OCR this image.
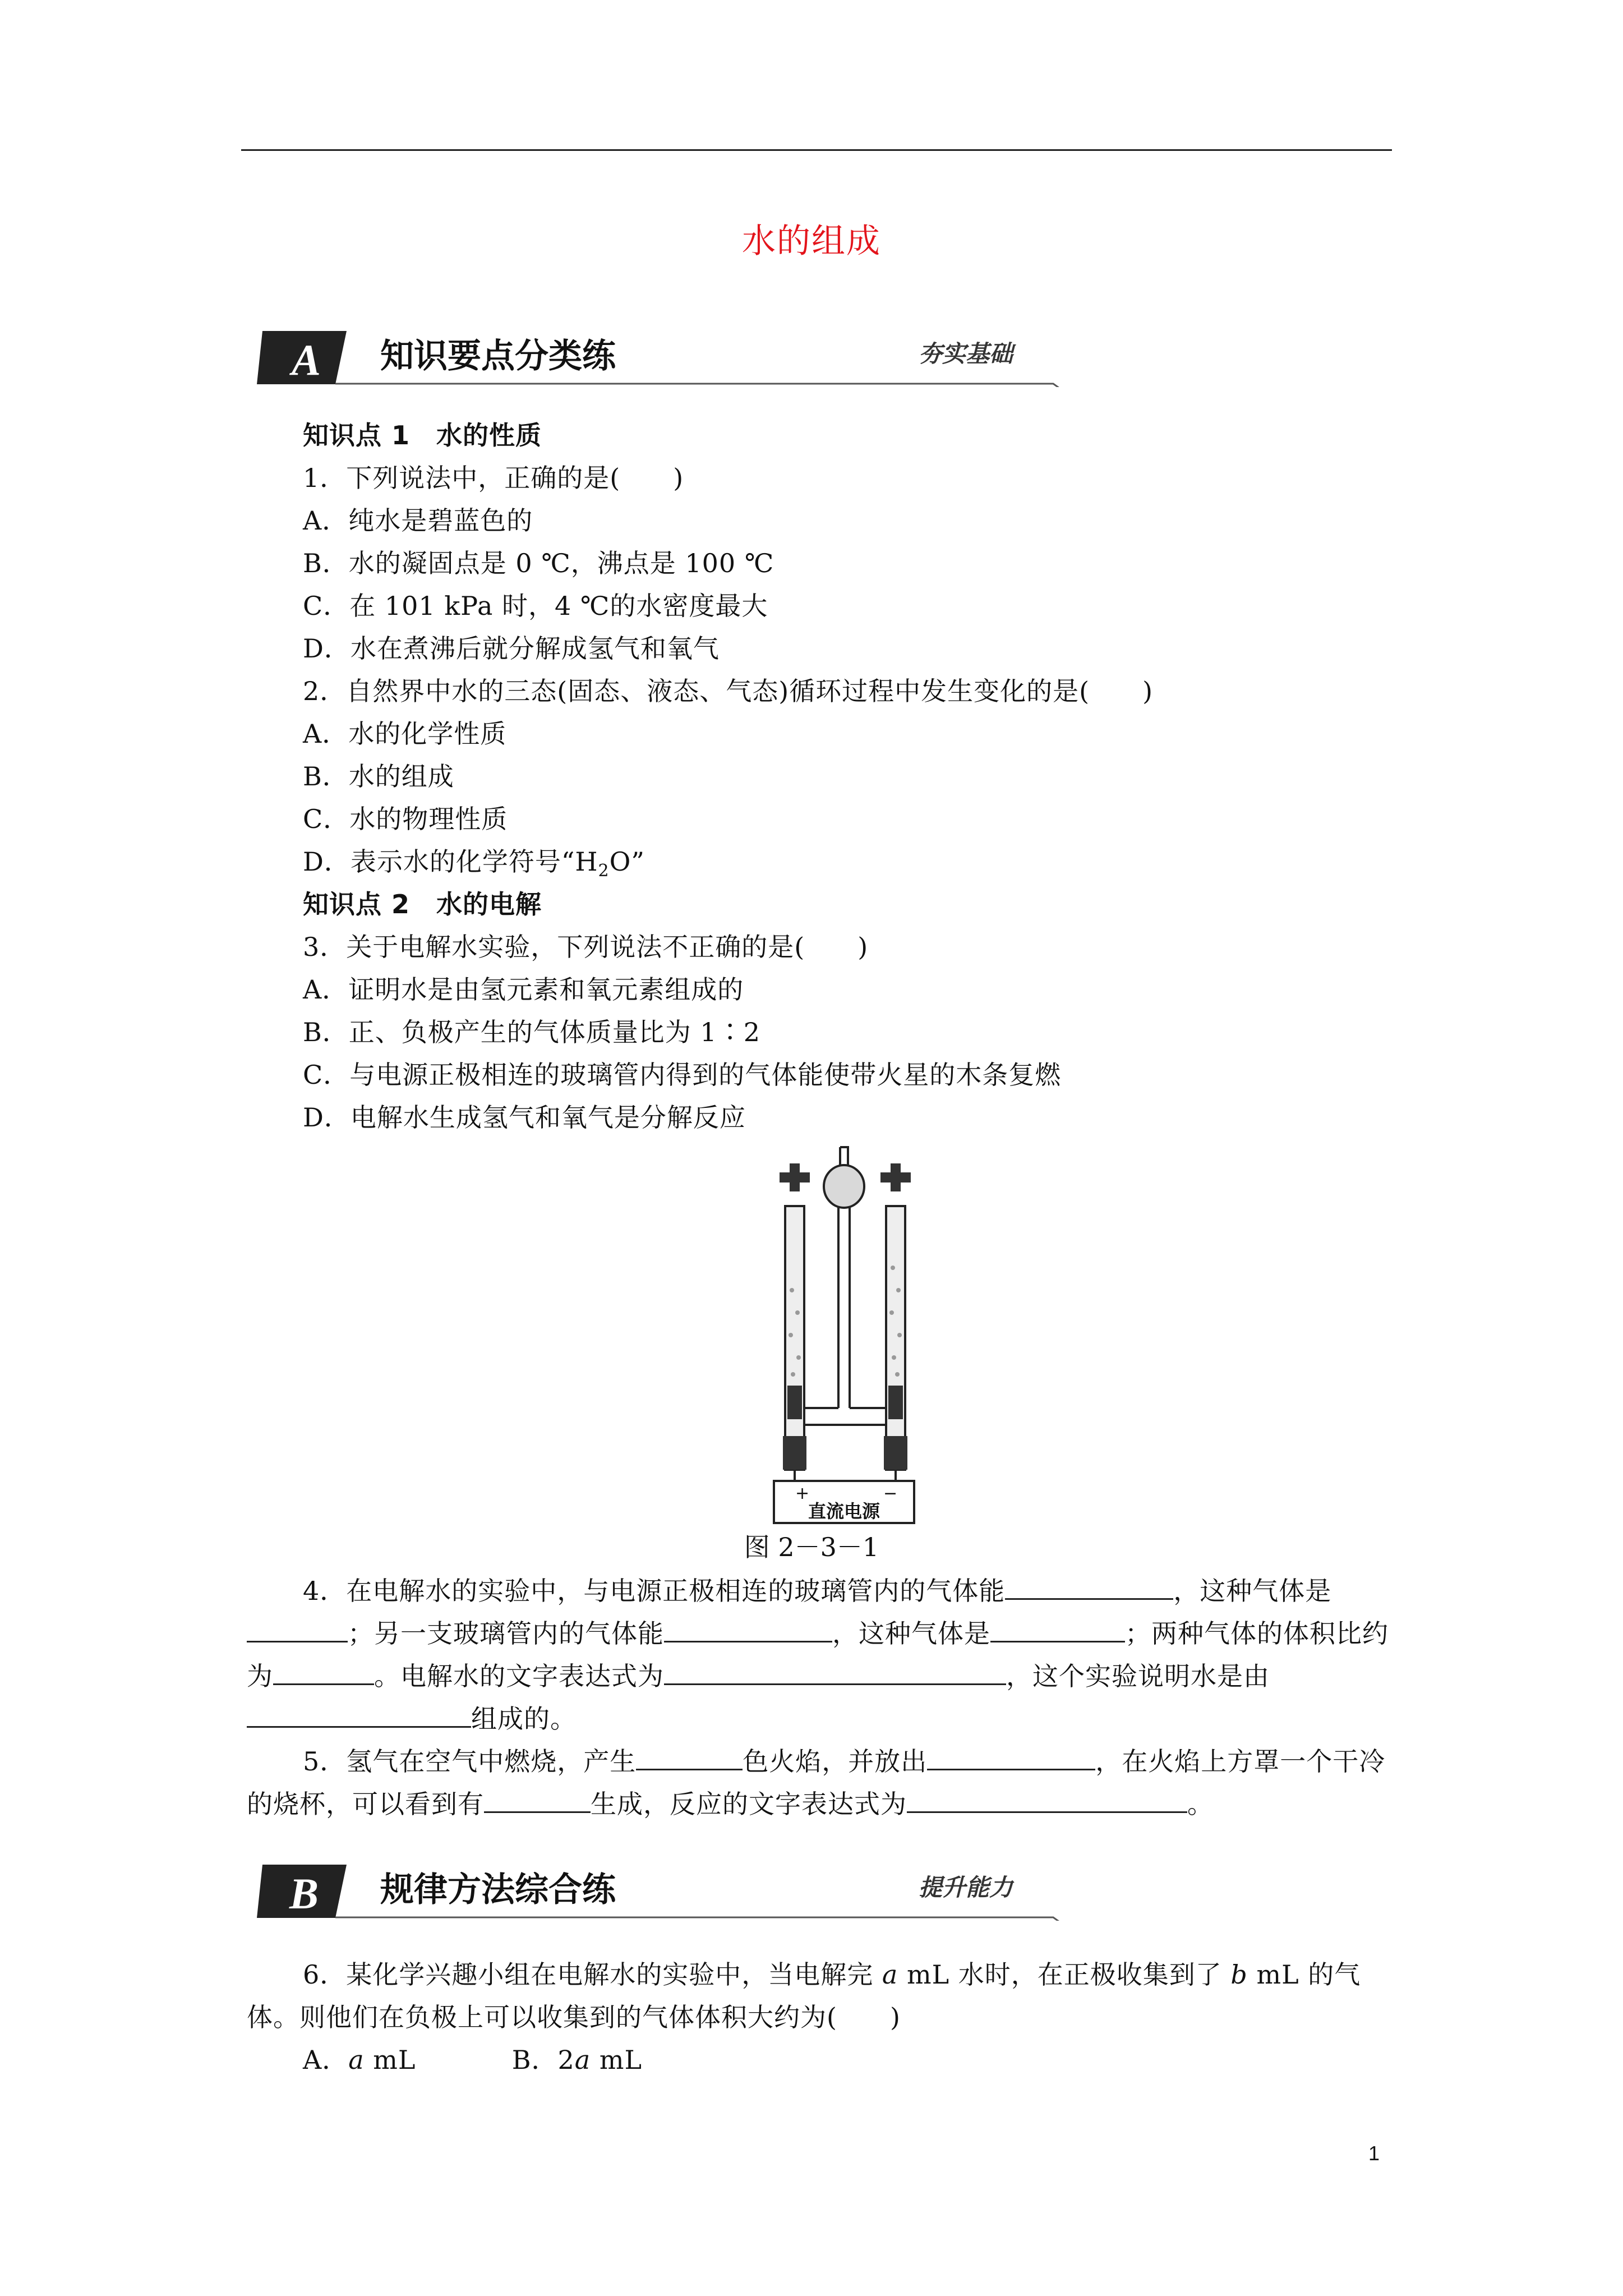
水的组成
A 知识要点分类练	夯实基础
知识点 1　水的性质
1．下列说法中，正确的是(　　)
A．纯水是碧蓝色的
B．水的凝固点是 0 ℃，沸点是 100 ℃
C．在 101 kPa 时，4 ℃的水密度最大
D．水在煮沸后就分解成氢气和氧气
2．自然界中水的三态(固态、液态、气态)循环过程中发生变化的是(　　)
A．水的化学性质
B．水的组成
C．水的物理性质
D．表示水的化学符号“$H_2O$”
知识点 2　水的电解
3．关于电解水实验，下列说法不正确的是(　　)
A．证明水是由氢元素和氧元素组成的
B．正、负极产生的气体质量比为 1∶2
C．与电源正极相连的玻璃管内得到的气体能使带火星的木条复燃
D．电解水生成氢气和氧气是分解反应
+	−
直流电源
图 2－3－1

4．在电解水的实验中，与电源正极相连的玻璃管内的气体能	，这种气体是；另一支玻璃管内的气体能	，这种气体是	；两种气体的体积比约为	。电解水的文字表达式为	，这个实验说明水是由组成的。

5．氢气在空气中燃烧，产生	色火焰，并放出	，在火焰上方罩一个干冷的烧杯，可以看到有	生成，反应的文字表达式为	。

B 规律方法综合练	提升能力

6．某化学兴趣小组在电解水的实验中，当电解完 a mL 水时，在正极收集到了 b mL 的气体。则他们在负极上可以收集到的气体体积大约为(　　)

A．a mL	B．2a mL
1
